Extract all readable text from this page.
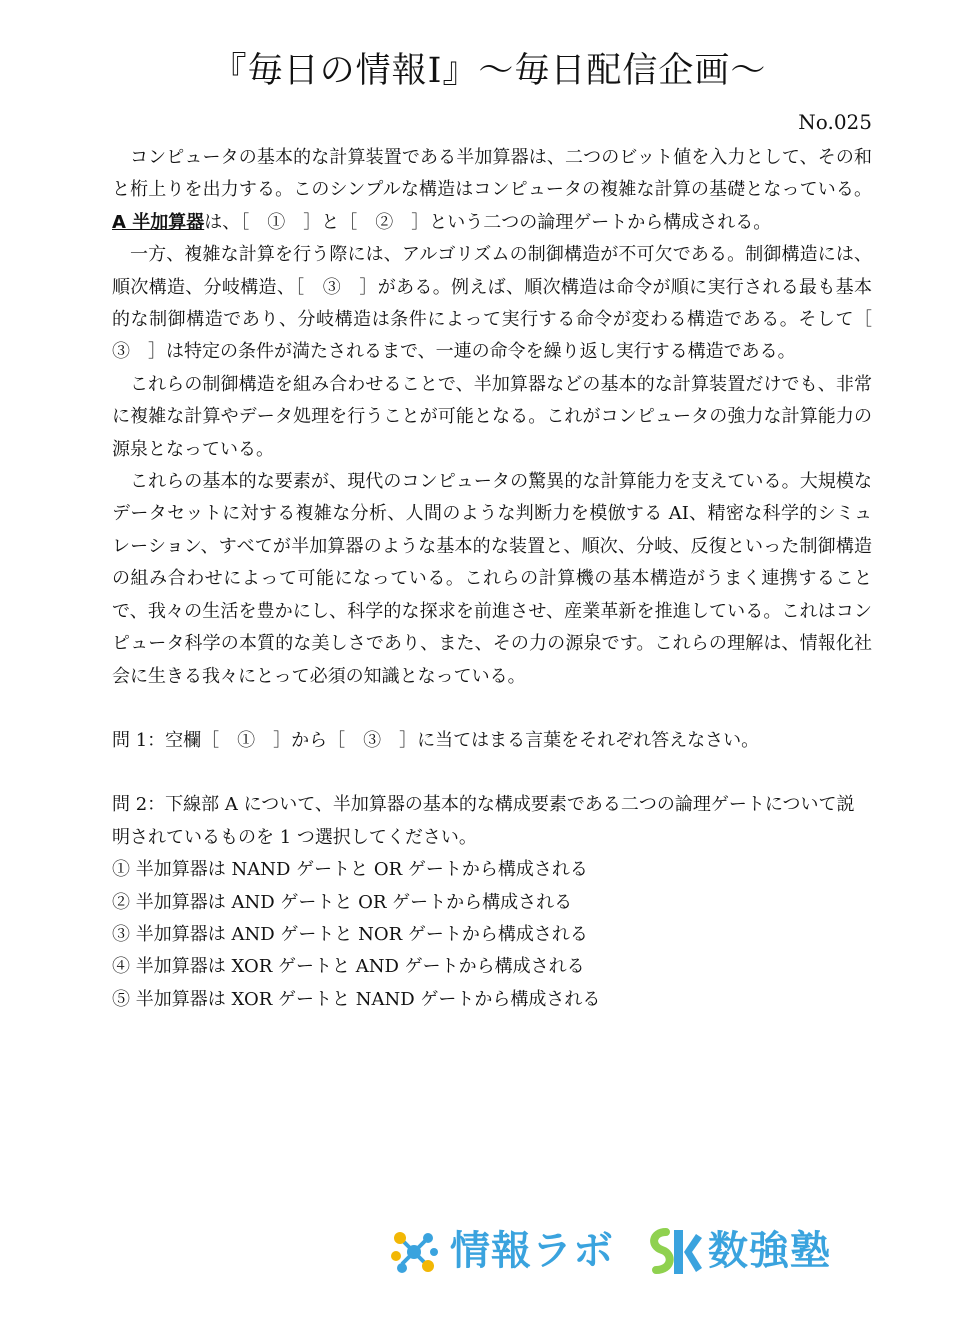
『毎日の情報Ⅰ』〜毎日配信企画〜
No.025

コンピュータの基本的な計算装置である半加算器は、二つのビット値を入力として、その和と桁上りを出力する。このシンプルな構造はコンピュータの複雑な計算の基礎となっている。A 半加算器は、［　①　］と［　②　］という二つの論理ゲートから構成される。

一方、複雑な計算を行う際には、アルゴリズムの制御構造が不可欠である。制御構造には、順次構造、分岐構造、［　③　］がある。例えば、順次構造は命令が順に実行される最も基本的な制御構造であり、分岐構造は条件によって実行する命令が変わる構造である。そして［　③　］は特定の条件が満たされるまで、一連の命令を繰り返し実行する構造である。

これらの制御構造を組み合わせることで、半加算器などの基本的な計算装置だけでも、非常に複雑な計算やデータ処理を行うことが可能となる。これがコンピュータの強力な計算能力の源泉となっている。

これらの基本的な要素が、現代のコンピュータの驚異的な計算能力を支えている。大規模なデータセットに対する複雑な分析、人間のような判断力を模倣する AI、精密な科学的シミュレーション、すべてが半加算器のような基本的な装置と、順次、分岐、反復といった制御構造の組み合わせによって可能になっている。これらの計算機の基本構造がうまく連携することで、我々の生活を豊かにし、科学的な探求を前進させ、産業革新を推進している。これはコンピュータ科学の本質的な美しさであり、また、その力の源泉です。これらの理解は、情報化社会に生きる我々にとって必須の知識となっている。

問 1：空欄［　①　］から［　③　］に当てはまる言葉をそれぞれ答えなさい。

問 2：下線部 A について、半加算器の基本的な構成要素である二つの論理ゲートについて説明されているものを 1 つ選択してください。

① 半加算器は NAND ゲートと OR ゲートから構成される

② 半加算器は AND ゲートと OR ゲートから構成される

③ 半加算器は AND ゲートと NOR ゲートから構成される

④ 半加算器は XOR ゲートと AND ゲートから構成される

⑤ 半加算器は XOR ゲートと NAND ゲートから構成される

情報ラボ 数強塾
